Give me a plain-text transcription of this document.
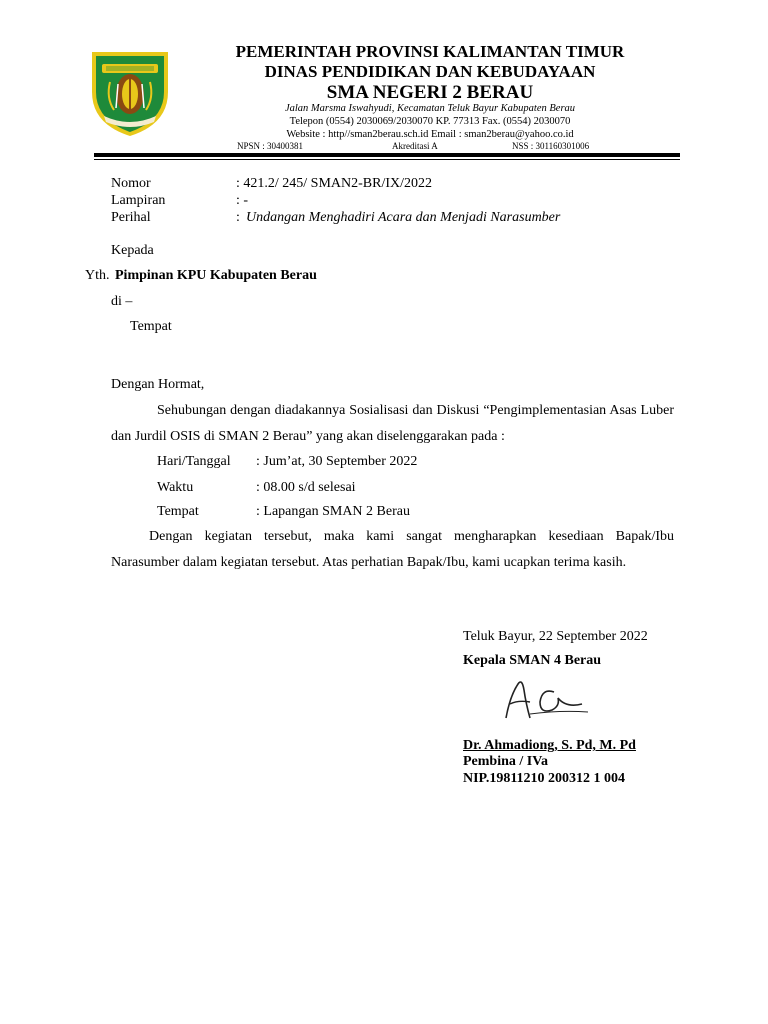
PEMERINTAH PROVINSI KALIMANTAN TIMUR
DINAS PENDIDIKAN DAN KEBUDAYAAN
SMA NEGERI 2 BERAU
Jalan Marsma Iswahyudi, Kecamatan Teluk Bayur Kabupaten Berau
Telepon (0554) 2030069/2030070 KP. 77313 Fax. (0554) 2030070
Website : http//sman2berau.sch.id Email : sman2berau@yahoo.co.id
NPSN : 30400381	Akreditasi A	NSS : 301160301006
Nomor	: 421.2/ 245/ SMAN2-BR/IX/2022
Lampiran	: -
Perihal	: Undangan Menghadiri Acara dan Menjadi Narasumber
Kepada
Yth. Pimpinan KPU Kabupaten Berau
di –
Tempat
Dengan Hormat,
Sehubungan dengan diadakannya Sosialisasi dan Diskusi “Pengimplementasian Asas Luber dan Jurdil OSIS di SMAN 2 Berau” yang akan diselenggarakan pada :
Hari/Tanggal : Jum’at, 30 September 2022
Waktu	: 08.00 s/d selesai
Tempat	: Lapangan SMAN 2 Berau
Dengan kegiatan tersebut, maka kami sangat mengharapkan kesediaan Bapak/Ibu Narasumber dalam kegiatan tersebut. Atas perhatian Bapak/Ibu, kami ucapkan terima kasih.
Teluk Bayur, 22 September 2022
Kepala SMAN 4 Berau
Dr. Ahmadiong, S. Pd, M. Pd
Pembina / IVa
NIP.19811210 200312 1 004
